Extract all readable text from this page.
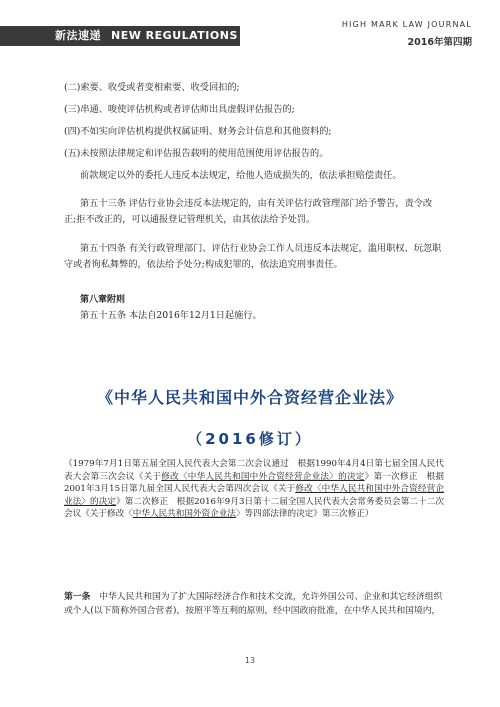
新法速递 NEW REGULATIONS
HIGH MARK LAW JOURNAL
2016年第四期

(二)索要、收受或者变相索要、收受回扣的;

(三)串通、唆使评估机构或者评估师出具虚假评估报告的;

(四)不如实向评估机构提供权属证明、财务会计信息和其他资料的;

(五)未按照法律规定和评估报告载明的使用范围使用评估报告的。

前款规定以外的委托人违反本法规定，给他人造成损失的，依法承担赔偿责任。

第五十三条 评估行业协会违反本法规定的，由有关评估行政管理部门给予警告，责令改正;拒不改正的，可以通报登记管理机关，由其依法给予处罚。
第五十四条 有关行政管理部门、评估行业协会工作人员违反本法规定，滥用职权、玩忽职守或者徇私舞弊的，依法给予处分;构成犯罪的，依法追究刑事责任。
第八章附则
第五十五条 本法自2016年12月1日起施行。
《中华人民共和国中外合资经营企业法》
（2016修订）
（1979年7月1日第五届全国人民代表大会第二次会议通过　根据1990年4月4日第七届全国人民代表大会第三次会议《关于修改〈中华人民共和国中外合资经营企业法〉的决定》第一次修正　根据2001年3月15日第九届全国人民代表大会第四次会议《关于修改〈中华人民共和国中外合资经营企业法〉的决定》第二次修正　根据2016年9月3日第十二届全国人民代表大会常务委员会第二十二次会议《关于修改〈中华人民共和国外资企业法〉等四部法律的决定》第三次修正）
第一条　中华人民共和国为了扩大国际经济合作和技术交流，允许外国公司、企业和其它经济组织或个人(以下简称外国合营者)，按照平等互利的原则，经中国政府批准，在中华人民共和国境内，
13
